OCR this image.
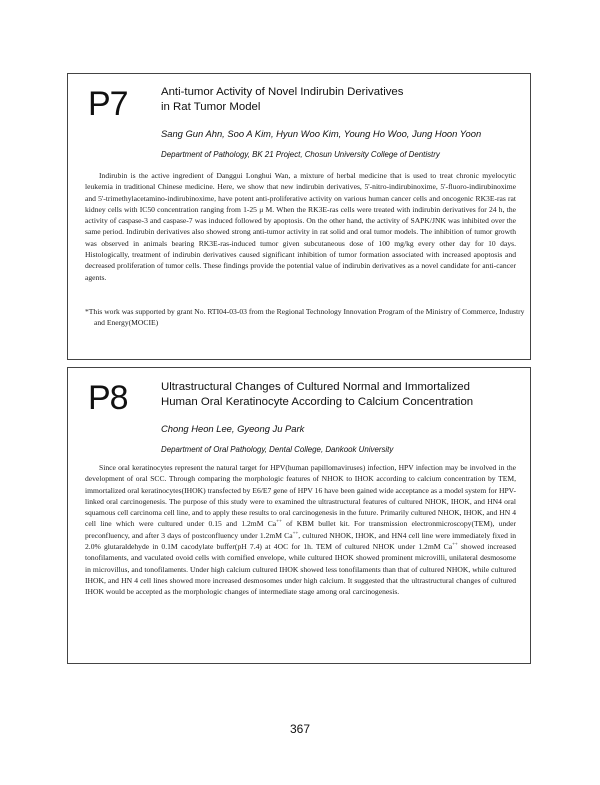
P7	Anti-tumor Activity of Novel Indirubin Derivatives
in Rat Tumor Model
Sang Gun Ahn, Soo A Kim, Hyun Woo Kim, Young Ho Woo, Jung Hoon Yoon
Department of Pathology, BK 21 Project, Chosun University College of Dentistry
Indirubin is the active ingredient of Danggui Longhui Wan, a mixture of herbal medicine that is used to treat chronic myelocytic leukemia in traditional Chinese medicine. Here, we show that new indirubin derivatives, 5'-nitro-indirubinoxime, 5'-fluoro-indirubinoxime and 5'-trimethylacetamino-indirubinoxime, have potent anti-proliferative activity on various human cancer cells and oncogenic RK3E-ras rat kidney cells with IC50 concentration ranging from 1-25 μ M. When the RK3E-ras cells were treated with indirubin derivatives for 24 h, the activity of caspase-3 and caspase-7 was induced followed by apoptosis. On the other hand, the activity of SAPK/JNK was inhibited over the same period. Indirubin derivatives also showed strong anti-tumor activity in rat solid and oral tumor models. The inhibition of tumor growth was observed in animals bearing RK3E-ras-induced tumor given subcutaneous dose of 100 mg/kg every other day for 10 days. Histologically, treatment of indirubin derivatives caused significant inhibition of tumor formation associated with increased apoptosis and decreased proliferation of tumor cells. These findings provide the potential value of indirubin derivatives as a novel candidate for anti-cancer agents.
*This work was supported by grant No. RTI04-03-03 from the Regional Technology Innovation Program of the Ministry of Commerce, Industry and Energy(MOCIE)
P8	Ultrastructural Changes of Cultured Normal and Immortalized
Human Oral Keratinocyte According to Calcium Concentration
Chong Heon Lee, Gyeong Ju Park
Department of Oral Pathology, Dental College, Dankook University
Since oral keratinocytes represent the natural target for HPV(human papillomaviruses) infection, HPV infection may be involved in the development of oral SCC. Through comparing the morphologic features of NHOK to IHOK according to calcium concentration by TEM, immortalized oral keratinocytes(IHOK) transfected by E6/E7 gene of HPV 16 have been gained wide acceptance as a model system for HPV-linked oral carcinogenesis. The purpose of this study were to examined the ultrastructural features of cultured NHOK, IHOK, and HN4 oral squamous cell carcinoma cell line, and to apply these results to oral carcinogenesis in the future. Primarily cultured NHOK, IHOK, and HN 4 cell line which were cultured under 0.15 and 1.2mM Ca++ of KBM bullet kit. For transmission electronmicroscopy(TEM), under preconfluency, and after 3 days of postconfluency under 1.2mM Ca++, cultured NHOK, IHOK, and HN4 cell line were immediately fixed in 2.0% glutaraldehyde in 0.1M cacodylate buffer(pH 7.4) at 4OC for 1h. TEM of cultured NHOK under 1.2mM Ca++ showed increased tonofilaments, and vaculated ovoid cells with cornified envelope, while cultured IHOK showed prominent microvilli, unilateral desmosome in microvillus, and tonofilaments. Under high calcium cultured IHOK showed less tonofilaments than that of cultured NHOK, while cultured IHOK, and HN 4 cell lines showed more increased desmosomes under high calcium. It suggested that the ultrastructural changes of cultured IHOK would be accepted as the morphologic changes of intermediate stage among oral carcinogenesis.
367
